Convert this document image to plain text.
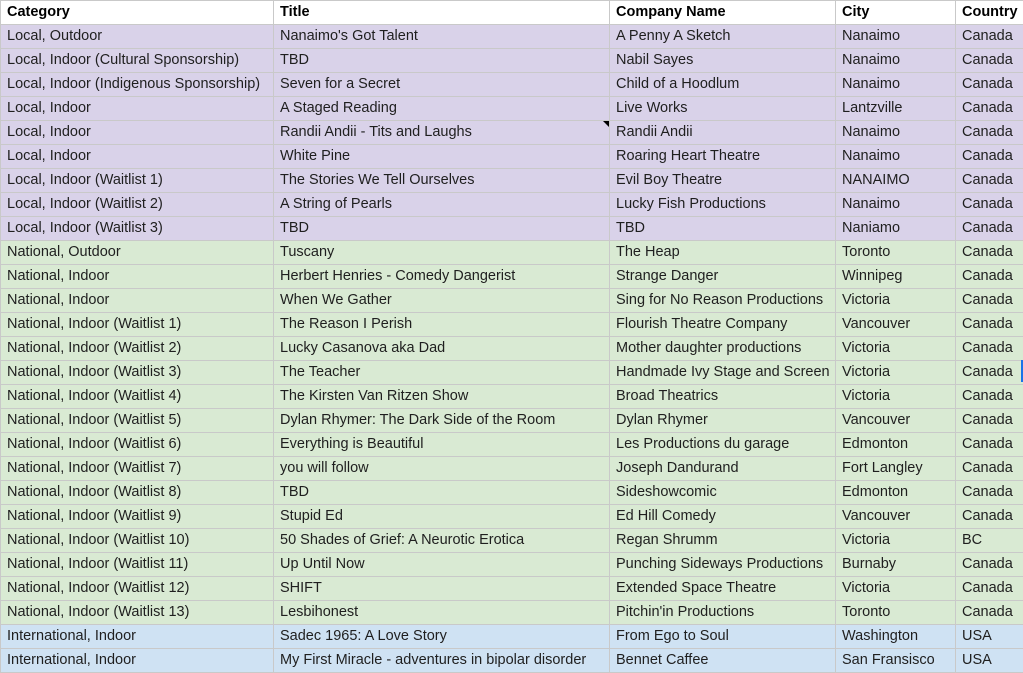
Category	Title	Company Name	City	Country
Local, Outdoor	Nanaimo's Got Talent	A Penny A Sketch	Nanaimo	Canada
Local, Indoor (Cultural Sponsorship)	TBD	Nabil Sayes	Nanaimo	Canada
Local, Indoor (Indigenous Sponsorship)	Seven for a Secret	Child of a Hoodlum	Nanaimo	Canada
Local, Indoor	A Staged Reading	Live Works	Lantzville	Canada
Local, Indoor	Randii Andii - Tits and Laughs	Randii Andii	Nanaimo	Canada
Local, Indoor	White Pine	Roaring Heart Theatre	Nanaimo	Canada
Local, Indoor (Waitlist 1)	The Stories We Tell Ourselves	Evil Boy Theatre	NANAIMO	Canada
Local, Indoor (Waitlist 2)	A String of Pearls	Lucky Fish Productions	Nanaimo	Canada
Local, Indoor (Waitlist 3)	TBD	TBD	Naniamo	Canada
National, Outdoor	Tuscany	The Heap	Toronto	Canada
National, Indoor	Herbert Henries - Comedy Dangerist	Strange Danger	Winnipeg	Canada
National, Indoor	When We Gather	Sing for No Reason Productions	Victoria	Canada
National, Indoor (Waitlist 1)	The Reason I Perish	Flourish Theatre Company	Vancouver	Canada
National, Indoor (Waitlist 2)	Lucky Casanova aka Dad	Mother daughter productions	Victoria	Canada
National, Indoor (Waitlist 3)	The Teacher	Handmade Ivy Stage and Screen	Victoria	Canada
National, Indoor (Waitlist 4)	The Kirsten Van Ritzen Show	Broad Theatrics	Victoria	Canada
National, Indoor (Waitlist 5)	Dylan Rhymer: The Dark Side of the Room	Dylan Rhymer	Vancouver	Canada
National, Indoor (Waitlist 6)	Everything is Beautiful	Les Productions du garage	Edmonton	Canada
National, Indoor (Waitlist 7)	you will follow	Joseph Dandurand	Fort Langley	Canada
National, Indoor (Waitlist 8)	TBD	Sideshowcomic	Edmonton	Canada
National, Indoor (Waitlist 9)	Stupid Ed	Ed Hill Comedy	Vancouver	Canada
National, Indoor (Waitlist 10)	50 Shades of Grief: A Neurotic Erotica	Regan Shrumm	Victoria	BC
National, Indoor (Waitlist 11)	Up Until Now	Punching Sideways Productions	Burnaby	Canada
National, Indoor (Waitlist 12)	SHIFT	Extended Space Theatre	Victoria	Canada
National, Indoor (Waitlist 13)	Lesbihonest	Pitchin'in Productions	Toronto	Canada
International, Indoor	Sadec 1965: A Love Story	From Ego to Soul	Washington	USA
International, Indoor	My First Miracle - adventures in bipolar disorder	Bennet Caffee	San Fransisco	USA
